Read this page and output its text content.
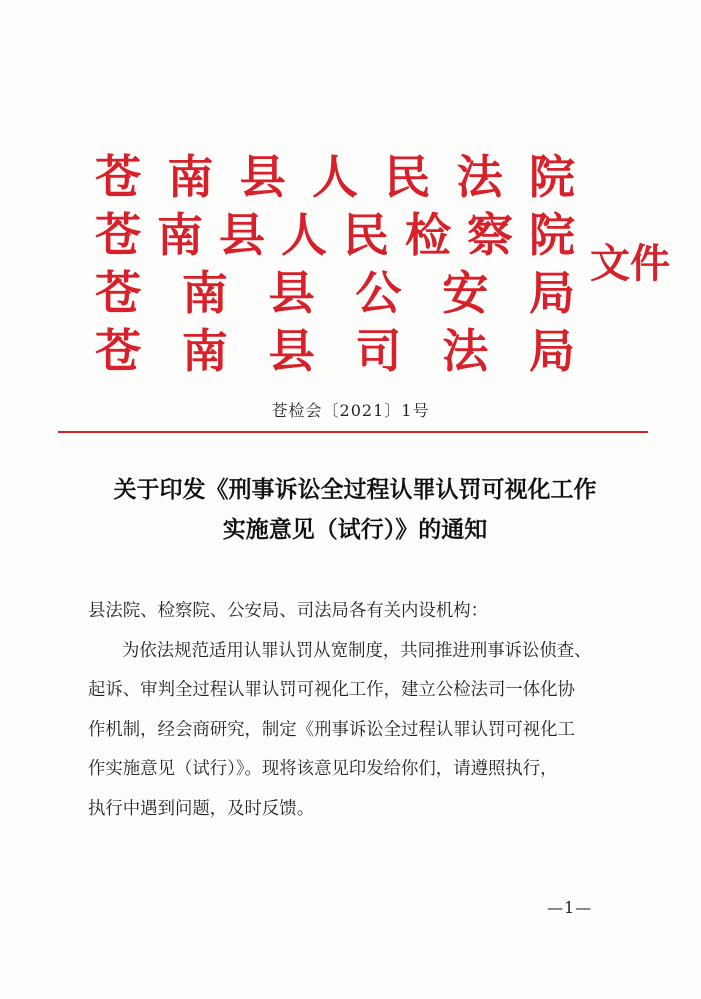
苍 南 县 人 民 法 院
苍 南 县 人 民 检 察 院
苍 南 县 公 安 局
苍 南 县 司 法 局
文件
苍检会〔2021〕1号
关于印发《刑事诉讼全过程认罪认罚可视化工作
实施意见（试行）》的通知
县法院、检察院、公安局、司法局各有关内设机构：
为依法规范适用认罪认罚从宽制度，共同推进刑事诉讼侦查、
起诉、审判全过程认罪认罚可视化工作，建立公检法司一体化协
作机制，经会商研究，制定《刑事诉讼全过程认罪认罚可视化工
作实施意见（试行）》。现将该意见印发给你们，请遵照执行，
执行中遇到问题，及时反馈。
—1—
